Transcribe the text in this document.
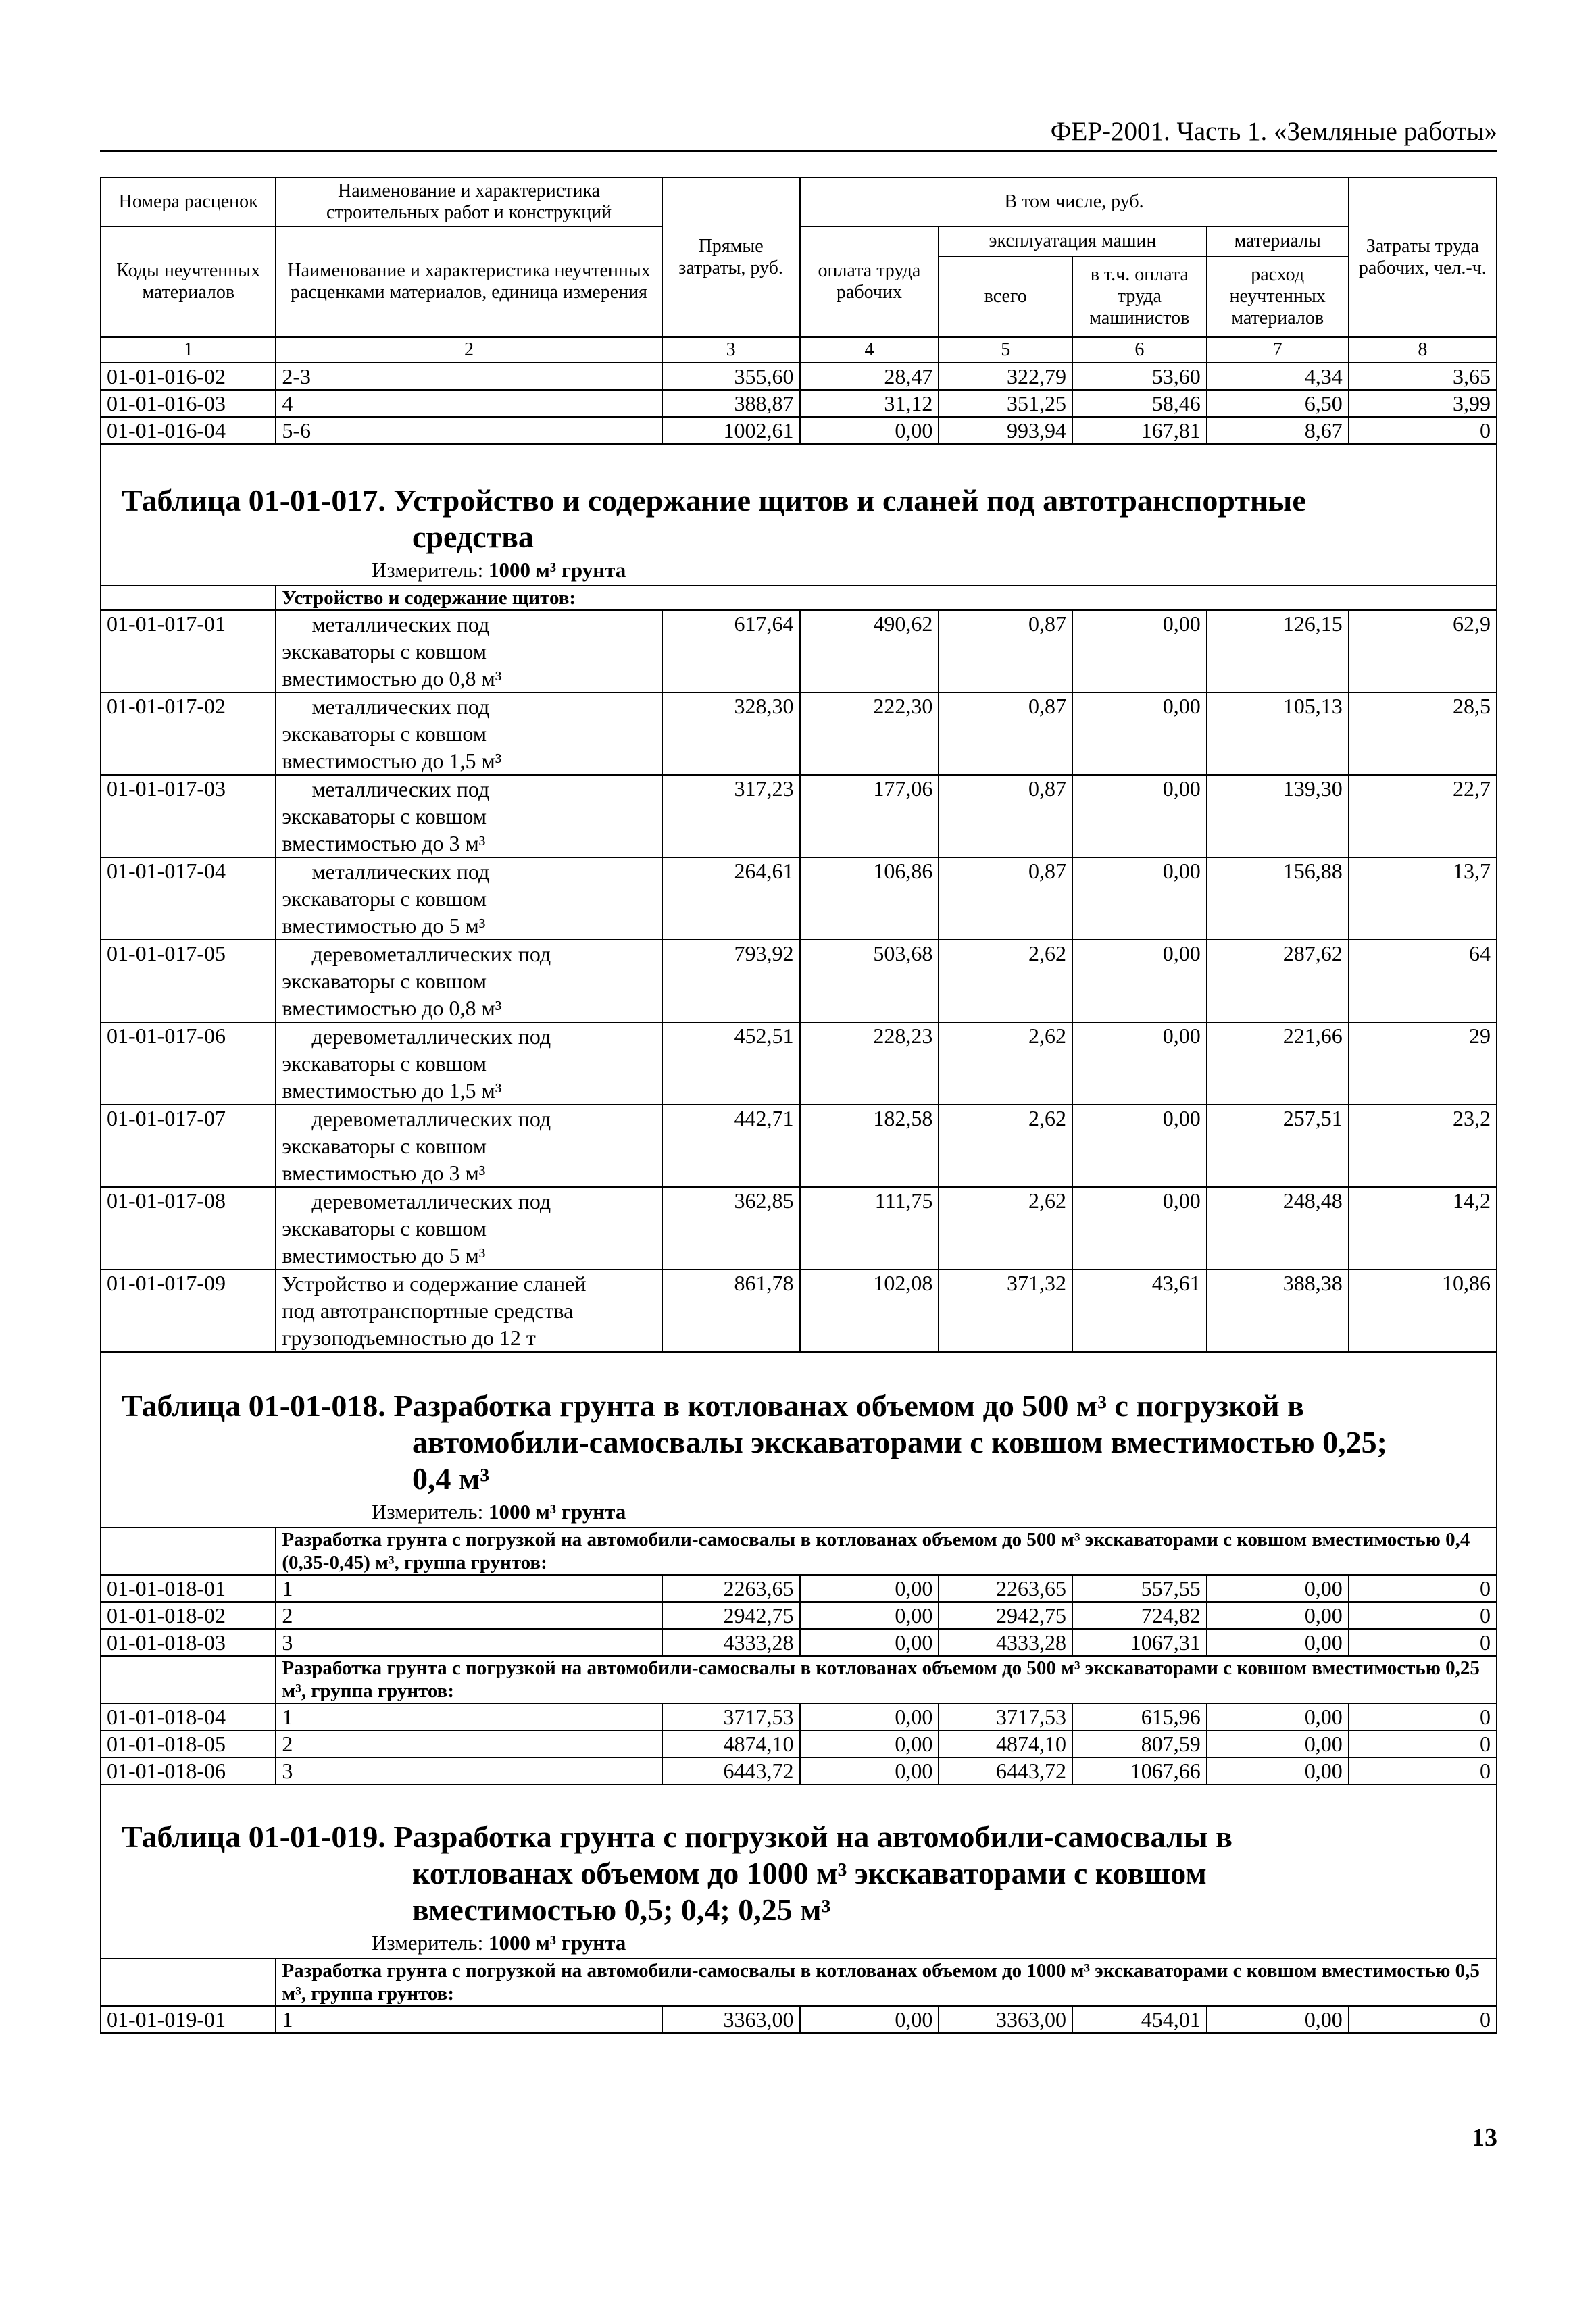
ФЕР-2001. Часть 1. «Земляные работы»
Номера расценок	Наименование и характеристика строительных работ и конструкций	Прямые затраты, руб.	В том числе, руб.				Затраты труда рабочих, чел.-ч.
Коды неучтенных материалов	Наименование и характеристика неучтенных расценками материалов, единица измерения		оплата труда рабочих	эксплуатация машин		материалы	
				всего	в т.ч. оплата труда машинистов	расход неучтенных материалов	
1	2	3	4	5	6	7	8
01-01-016-02	2-3	355,60	28,47	322,79	53,60	4,34	3,65
01-01-016-03	4	388,87	31,12	351,25	58,46	6,50	3,99
01-01-016-04	5-6	1002,61	0,00	993,94	167,81	8,67	0

Таблица 01-01-017. Устройство и содержание щитов и сланей под автотранспортные
средства
Измеритель: 1000 м³ грунта							

	Устройство и содержание щитов:						
01-01-017-01	металлических под
экскаваторы с ковшом
вместимостью до 0,8 м³	617,64	490,62	0,87	0,00	126,15	62,9
01-01-017-02	металлических под
экскаваторы с ковшом
вместимостью до 1,5 м³	328,30	222,30	0,87	0,00	105,13	28,5
01-01-017-03	металлических под
экскаваторы с ковшом
вместимостью до 3 м³	317,23	177,06	0,87	0,00	139,30	22,7
01-01-017-04	металлических под
экскаваторы с ковшом
вместимостью до 5 м³	264,61	106,86	0,87	0,00	156,88	13,7
01-01-017-05	деревометаллических под
экскаваторы с ковшом
вместимостью до 0,8 м³	793,92	503,68	2,62	0,00	287,62	64
01-01-017-06	деревометаллических под
экскаваторы с ковшом
вместимостью до 1,5 м³	452,51	228,23	2,62	0,00	221,66	29
01-01-017-07	деревометаллических под
экскаваторы с ковшом
вместимостью до 3 м³	442,71	182,58	2,62	0,00	257,51	23,2
01-01-017-08	деревометаллических под
экскаваторы с ковшом
вместимостью до 5 м³	362,85	111,75	2,62	0,00	248,48	14,2
01-01-017-09	Устройство и содержание сланей
под автотранспортные средства
грузоподъемностью до 12 т	861,78	102,08	371,32	43,61	388,38	10,86

Таблица 01-01-018. Разработка грунта в котлованах объемом до 500 м³ с погрузкой в
автомобили-самосвалы экскаваторами с ковшом вместимостью 0,25;
0,4 м³
Измеритель: 1000 м³ грунта							

	Разработка грунта с погрузкой на автомобили-самосвалы в котлованах объемом до 500 м³ экскаваторами с ковшом вместимостью 0,4 (0,35-0,45) м³, группа грунтов:						
01-01-018-01	1	2263,65	0,00	2263,65	557,55	0,00	0
01-01-018-02	2	2942,75	0,00	2942,75	724,82	0,00	0
01-01-018-03	3	4333,28	0,00	4333,28	1067,31	0,00	0
	Разработка грунта с погрузкой на автомобили-самосвалы в котлованах объемом до 500 м³ экскаваторами с ковшом вместимостью 0,25 м³, группа грунтов:						
01-01-018-04	1	3717,53	0,00	3717,53	615,96	0,00	0
01-01-018-05	2	4874,10	0,00	4874,10	807,59	0,00	0
01-01-018-06	3	6443,72	0,00	6443,72	1067,66	0,00	0

Таблица 01-01-019. Разработка грунта с погрузкой на автомобили-самосвалы в
котлованах объемом до 1000 м³ экскаваторами с ковшом
вместимостью 0,5; 0,4; 0,25 м³
Измеритель: 1000 м³ грунта							

	Разработка грунта с погрузкой на автомобили-самосвалы в котлованах объемом до 1000 м³ экскаваторами с ковшом вместимостью 0,5 м³, группа грунтов:						
01-01-019-01	1	3363,00	0,00	3363,00	454,01	0,00	0
13
